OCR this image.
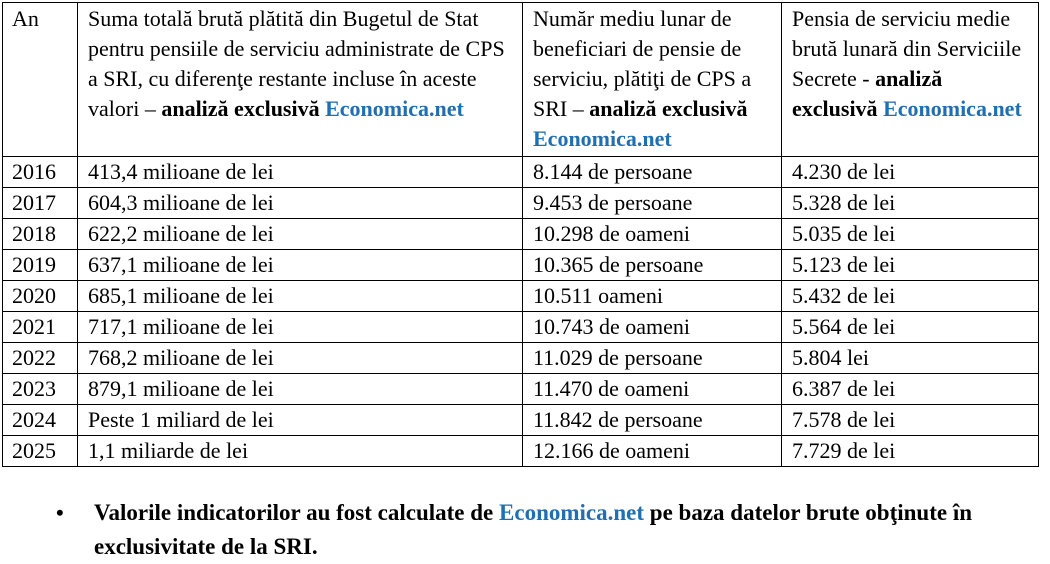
An	Suma totală brută plătită din Bugetul de Stat pentru pensiile de serviciu administrate de CPS a SRI, cu diferenţe restante incluse în aceste valori – analiză exclusivă Economica.net	Număr mediu lunar de beneficiari de pensie de serviciu, plătiţi de CPS a SRI – analiză exclusivă Economica.net	Pensia de serviciu medie brută lunară din Serviciile Secrete - analiză exclusivă Economica.net
2016	413,4 milioane de lei	8.144 de persoane	4.230 de lei
2017	604,3 milioane de lei	9.453 de persoane	5.328 de lei
2018	622,2 milioane de lei	10.298 de oameni	5.035 de lei
2019	637,1 milioane de lei	10.365 de persoane	5.123 de lei
2020	685,1 milioane de lei	10.511 oameni	5.432 de lei
2021	717,1 milioane de lei	10.743 de oameni	5.564 de lei
2022	768,2 milioane de lei	11.029 de persoane	5.804 lei
2023	879,1 milioane de lei	11.470 de oameni	6.387 de lei
2024	Peste 1 miliard de lei	11.842 de persoane	7.578 de lei
2025	1,1 miliarde de lei	12.166 de oameni	7.729 de lei
• Valorile indicatorilor au fost calculate de Economica.net pe baza datelor brute obţinute în exclusivitate de la SRI.
